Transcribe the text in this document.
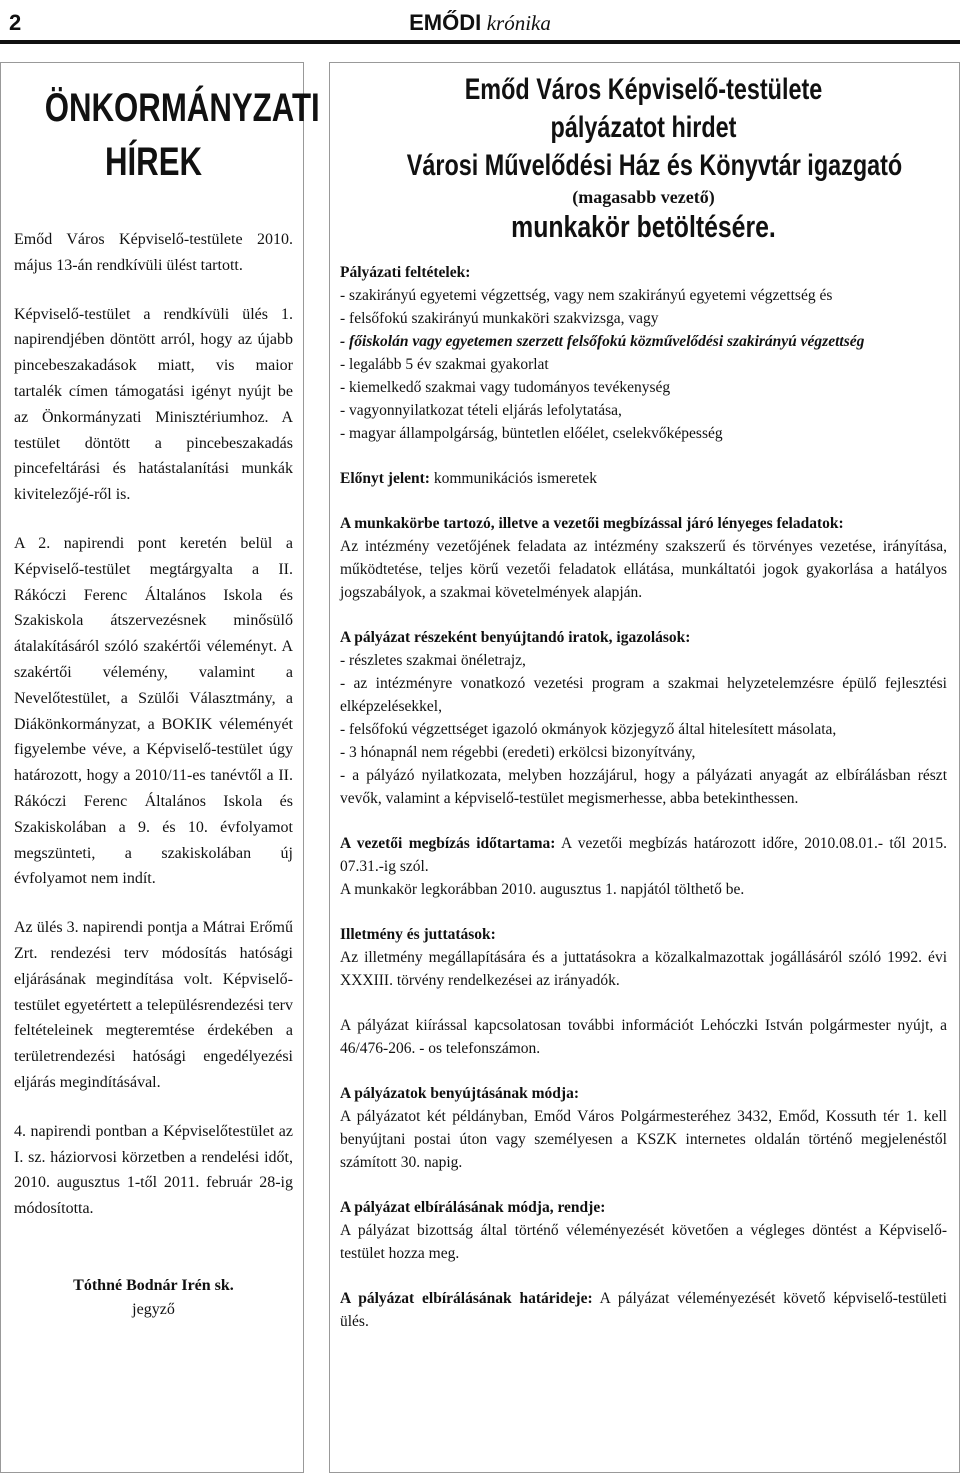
2	EMŐDI krónika
ÖNKORMÁNYZATI
HÍREK

Emőd Város Képviselő-testülete 2010. május 13-án rendkívüli ülést tartott.

Képviselő-testület a rendkívüli ülés 1. napirendjében döntött arról, hogy az újabb pincebeszakadások miatt, vis maior tartalék címen támogatási igényt nyújt be az Önkormányzati Minisztériumhoz. A testület döntött a pincebeszakadás pincefeltárási és hatástalanítási munkák kivitelezőjé-ről is.

A 2. napirendi pont keretén belül a Képviselő-testület megtárgyalta a II. Rákóczi Ferenc Általános Iskola és Szakiskola átszervezésnek minősülő átalakításáról szóló szakértői véleményt. A szakértői vélemény, valamint a Nevelőtestület, a Szülői Választmány, a Diákönkormányzat, a BOKIK véleményét figyelembe véve, a Képviselő-testület úgy határozott, hogy a 2010/11-es tanévtől a II. Rákóczi Ferenc Általános Iskola és Szakiskolában a 9. és 10. évfolyamot megszünteti, a szakiskolában új évfolyamot nem indít.

Az ülés 3. napirendi pontja a Mátrai Erőmű Zrt. rendezési terv módosítás hatósági eljárásának megindítása volt. Képviselő-testület egyetértett a településrendezési terv feltételeinek megteremtése érdekében a területrendezési hatósági engedélyezési eljárás megindításával.

4. napirendi pontban a Képviselőtestület az I. sz. háziorvosi körzetben a rendelési időt, 2010. augusztus 1-től 2011. február 28-ig módosította.

Tóthné Bodnár Irén sk.
jegyző
Emőd Város Képviselő-testülete
pályázatot hirdet
Városi Művelődési Ház és Könyvtár igazgató
(magasabb vezető)
munkakör betöltésére.
Pályázati feltételek:
- szakirányú egyetemi végzettség, vagy nem szakirányú egyetemi végzettség és
- felsőfokú szakirányú munkaköri szakvizsga, vagy
- főiskolán vagy egyetemen szerzett felsőfokú közművelődési szakirányú végzettség
- legalább 5 év szakmai gyakorlat
- kiemelkedő szakmai vagy tudományos tevékenység
- vagyonnyilatkozat tételi eljárás lefolytatása,
- magyar állampolgárság, büntetlen előélet, cselekvőképesség
Előnyt jelent: kommunikációs ismeretek
A munkakörbe tartozó, illetve a vezetői megbízással járó lényeges feladatok:
Az intézmény vezetőjének feladata az intézmény szakszerű és törvényes vezetése, irányítása, működtetése, teljes körű vezetői feladatok ellátása, munkáltatói jogok gyakorlása a hatályos jogszabályok, a szakmai követelmények alapján.
A pályázat részeként benyújtandó iratok, igazolások:
- részletes szakmai önéletrajz,
- az intézményre vonatkozó vezetési program a szakmai helyzetelemzésre épülő fejlesztési elképzelésekkel,
- felsőfokú végzettséget igazoló okmányok közjegyző által hitelesített másolata,
- 3 hónapnál nem régebbi (eredeti) erkölcsi bizonyítvány,
- a pályázó nyilatkozata, melyben hozzájárul, hogy a pályázati anyagát az elbírálásban részt vevők, valamint a képviselő-testület megismerhesse, abba betekinthessen.
A vezetői megbízás időtartama: A vezetői megbízás határozott időre, 2010.08.01.- től 2015. 07.31.-ig szól.
A munkakör legkorábban 2010. augusztus 1. napjától tölthető be.
Illetmény és juttatások:
Az illetmény megállapítására és a juttatásokra a közalkalmazottak jogállásáról szóló 1992. évi XXXIII. törvény rendelkezései az irányadók.
A pályázat kiírással kapcsolatosan további információt Lehóczki István polgármester nyújt, a 46/476-206. - os telefonszámon.
A pályázatok benyújtásának módja:
A pályázatot két példányban, Emőd Város Polgármesteréhez 3432, Emőd, Kossuth tér 1. kell benyújtani postai úton vagy személyesen a KSZK internetes oldalán történő megjelenéstől számított 30. napig.
A pályázat elbírálásának módja, rendje:
A pályázat bizottság által történő véleményezését követően a végleges döntést a Képviselő-testület hozza meg.
A pályázat elbírálásának határideje: A pályázat véleményezését követő képviselő-testületi ülés.
